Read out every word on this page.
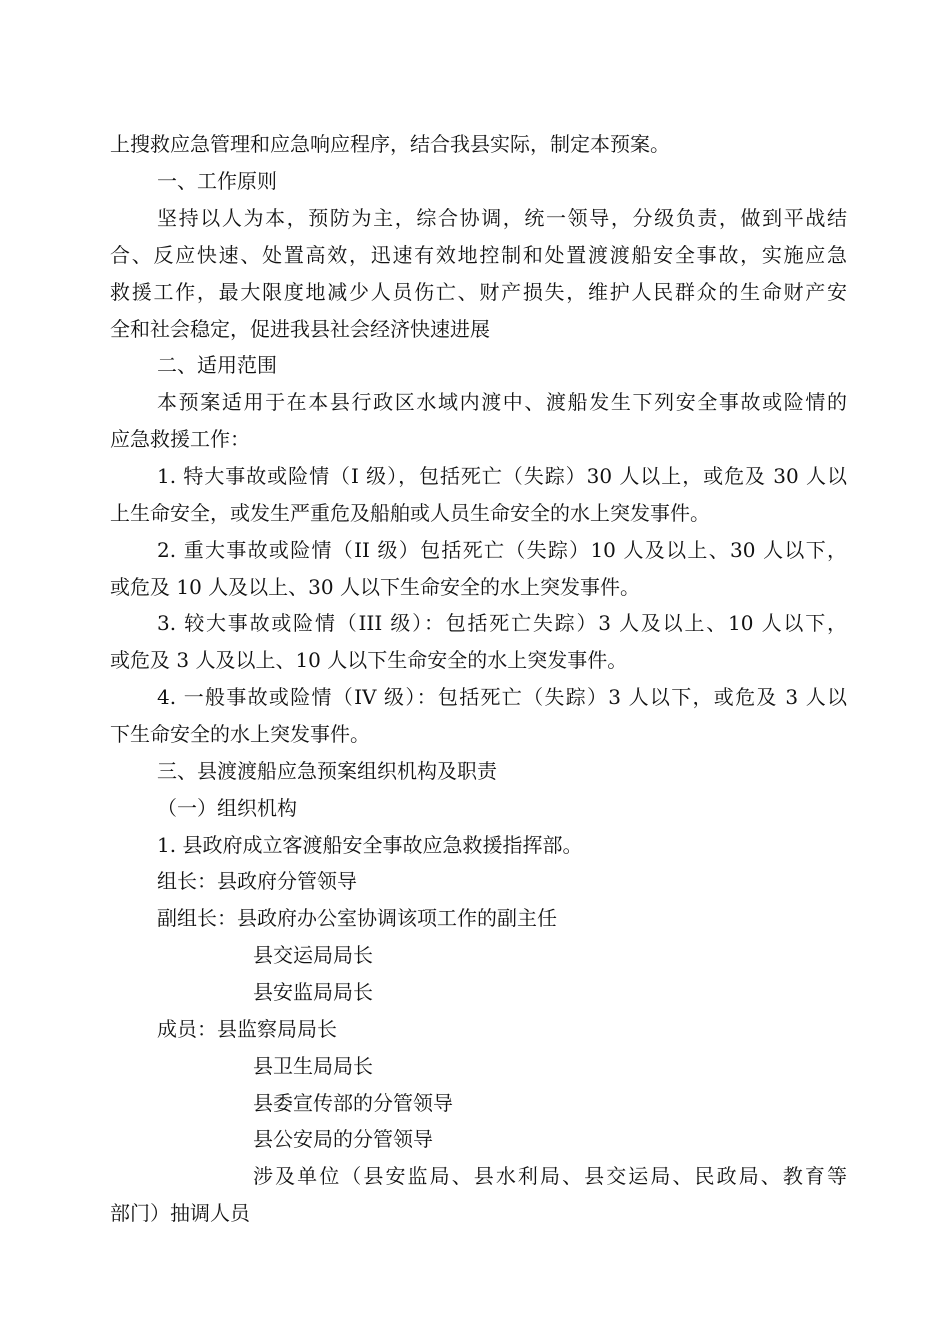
上搜救应急管理和应急响应程序，结合我县实际，制定本预案。
一、工作原则
坚持以人为本，预防为主，综合协调，统一领导，分级负责，做到平战结
合、反应快速、处置高效，迅速有效地控制和处置渡渡船安全事故，实施应急
救援工作，最大限度地减少人员伤亡、财产损失，维护人民群众的生命财产安
全和社会稳定，促进我县社会经济快速进展
二、适用范围
本预案适用于在本县行政区水域内渡中、渡船发生下列安全事故或险情的
应急救援工作：
1. 特大事故或险情（I 级），包括死亡（失踪）30 人以上，或危及 30 人以
上生命安全，或发生严重危及船舶或人员生命安全的水上突发事件。
2. 重大事故或险情（II 级）包括死亡（失踪）10 人及以上、30 人以下，
或危及 10 人及以上、30 人以下生命安全的水上突发事件。
3. 较大事故或险情（III 级）：包括死亡失踪）3 人及以上、10 人以下，
或危及 3 人及以上、10 人以下生命安全的水上突发事件。
4. 一般事故或险情（IV 级）：包括死亡（失踪）3 人以下，或危及 3 人以
下生命安全的水上突发事件。
三、县渡渡船应急预案组织机构及职责
（一）组织机构
1. 县政府成立客渡船安全事故应急救援指挥部。
组长：县政府分管领导
副组长：县政府办公室协调该项工作的副主任
县交运局局长
县安监局局长
成员：县监察局局长
县卫生局局长
县委宣传部的分管领导
县公安局的分管领导
涉及单位（县安监局、县水利局、县交运局、民政局、教育等
部门）抽调人员
